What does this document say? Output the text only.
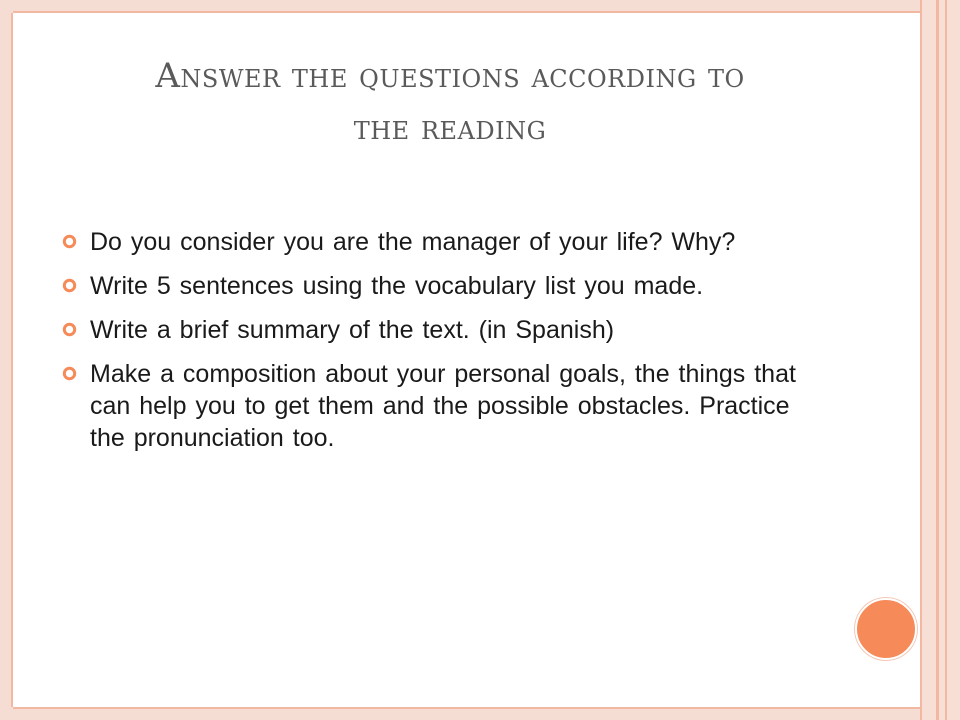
Answer the questions according to
the reading
Do you consider you are the manager of your life? Why?
Write 5 sentences using the vocabulary list you made.
Write a brief summary of the text. (in Spanish)
Make a composition about your personal goals, the things that can help you to get them and the possible obstacles. Practice the pronunciation too.
